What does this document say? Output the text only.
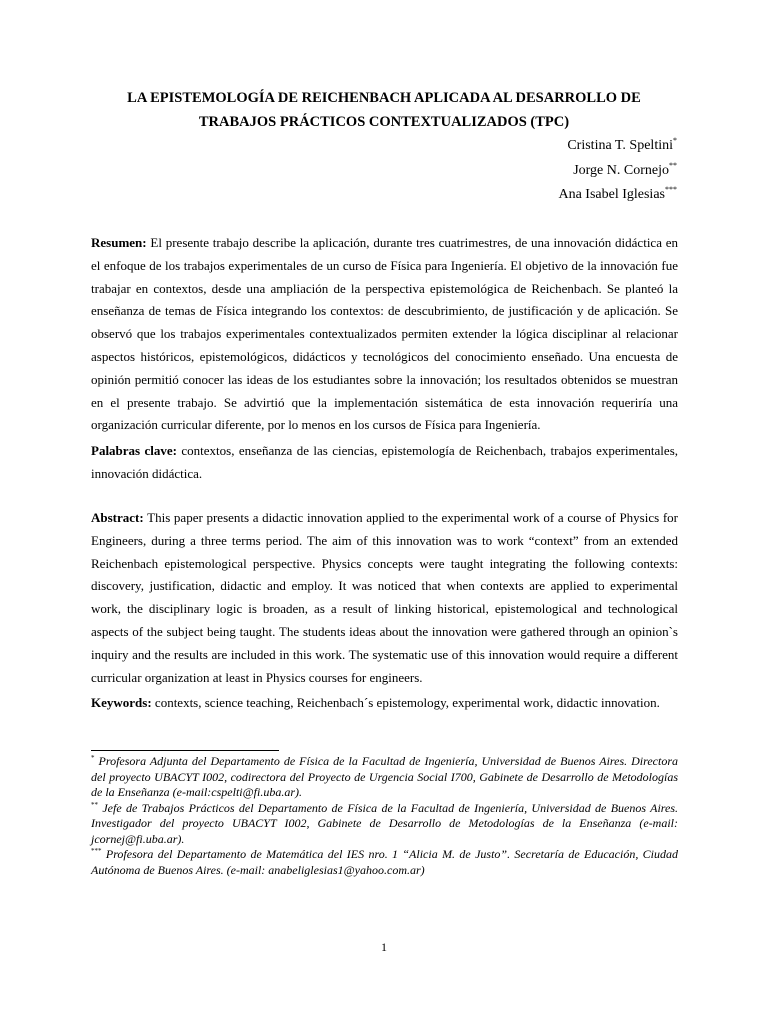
LA EPISTEMOLOGÍA DE REICHENBACH APLICADA AL DESARROLLO DE
TRABAJOS PRÁCTICOS CONTEXTUALIZADOS (TPC)
Cristina T. Speltini*
Jorge N. Cornejo**
Ana Isabel Iglesias***

Resumen: El presente trabajo describe la aplicación, durante tres cuatrimestres, de una innovación didáctica en el enfoque de los trabajos experimentales de un curso de Física para Ingeniería. El objetivo de la innovación fue trabajar en contextos, desde una ampliación de la perspectiva epistemológica de Reichenbach. Se planteó la enseñanza de temas de Física integrando los contextos: de descubrimiento, de justificación y de aplicación. Se observó que los trabajos experimentales contextualizados permiten extender la lógica disciplinar al relacionar aspectos históricos, epistemológicos, didácticos y tecnológicos del conocimiento enseñado. Una encuesta de opinión permitió conocer las ideas de los estudiantes sobre la innovación; los resultados obtenidos se muestran en el presente trabajo. Se advirtió que la implementación sistemática de esta innovación requeriría una organización curricular diferente, por lo menos en los cursos de Física para Ingeniería.

Palabras clave: contextos, enseñanza de las ciencias, epistemología de Reichenbach, trabajos experimentales, innovación didáctica.

Abstract: This paper presents a didactic innovation applied to the experimental work of a course of Physics for Engineers, during a three terms period. The aim of this innovation was to work “context” from an extended Reichenbach epistemological perspective. Physics concepts were taught integrating the following contexts: discovery, justification, didactic and employ. It was noticed that when contexts are applied to experimental work, the disciplinary logic is broaden, as a result of linking historical, epistemological and technological aspects of the subject being taught. The students ideas about the innovation were gathered through an opinion`s inquiry and the results are included in this work. The systematic use of this innovation would require a different curricular organization at least in Physics courses for engineers.

Keywords: contexts, science teaching, Reichenbach´s epistemology, experimental work, didactic innovation.

* Profesora Adjunta del Departamento de Física de la Facultad de Ingeniería, Universidad de Buenos Aires. Directora del proyecto UBACYT I002, codirectora del Proyecto de Urgencia Social I700, Gabinete de Desarrollo de Metodologías de la Enseñanza (e-mail:cspelti@fi.uba.ar).

** Jefe de Trabajos Prácticos del Departamento de Física de la Facultad de Ingeniería, Universidad de Buenos Aires. Investigador del proyecto UBACYT I002, Gabinete de Desarrollo de Metodologías de la Enseñanza (e-mail: jcornej@fi.uba.ar).

*** Profesora del Departamento de Matemática del IES nro. 1 “Alicia M. de Justo”. Secretaría de Educación, Ciudad Autónoma de Buenos Aires. (e-mail: anabeliglesias1@yahoo.com.ar)

1
